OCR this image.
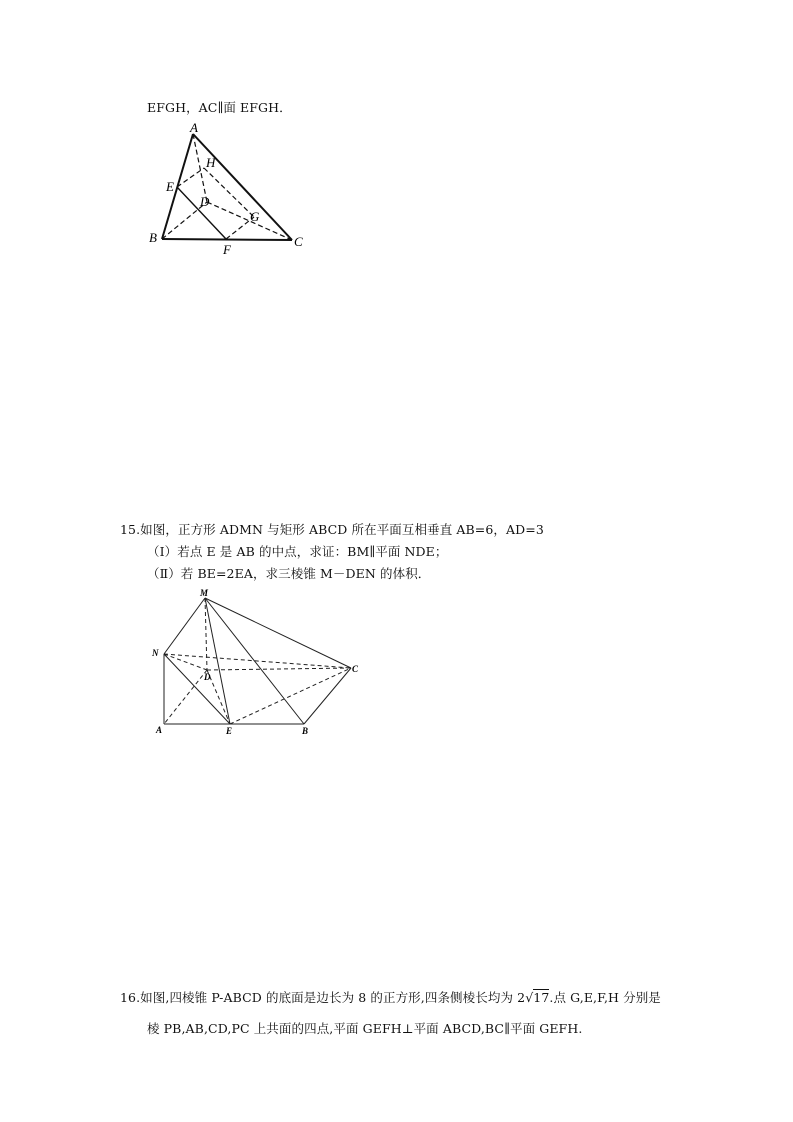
EFGH，AC∥面 EFGH．
A
H
E
D
G
B
F
C
15.如图，正方形 ADMN 与矩形 ABCD 所在平面互相垂直 AB=6，AD=3
（Ⅰ）若点 E 是 AB 的中点，求证：BM∥平面 NDE；
（Ⅱ）若 BE=2EA，求三棱锥 M－DEN 的体积．
M
N
D
C
A	E	B
16.如图,四棱锥 P-ABCD 的底面是边长为 8 的正方形,四条侧棱长均为 2√17.点 G,E,F,H 分别是
棱 PB,AB,CD,PC 上共面的四点,平面 GEFH⊥平面 ABCD,BC∥平面 GEFH.
